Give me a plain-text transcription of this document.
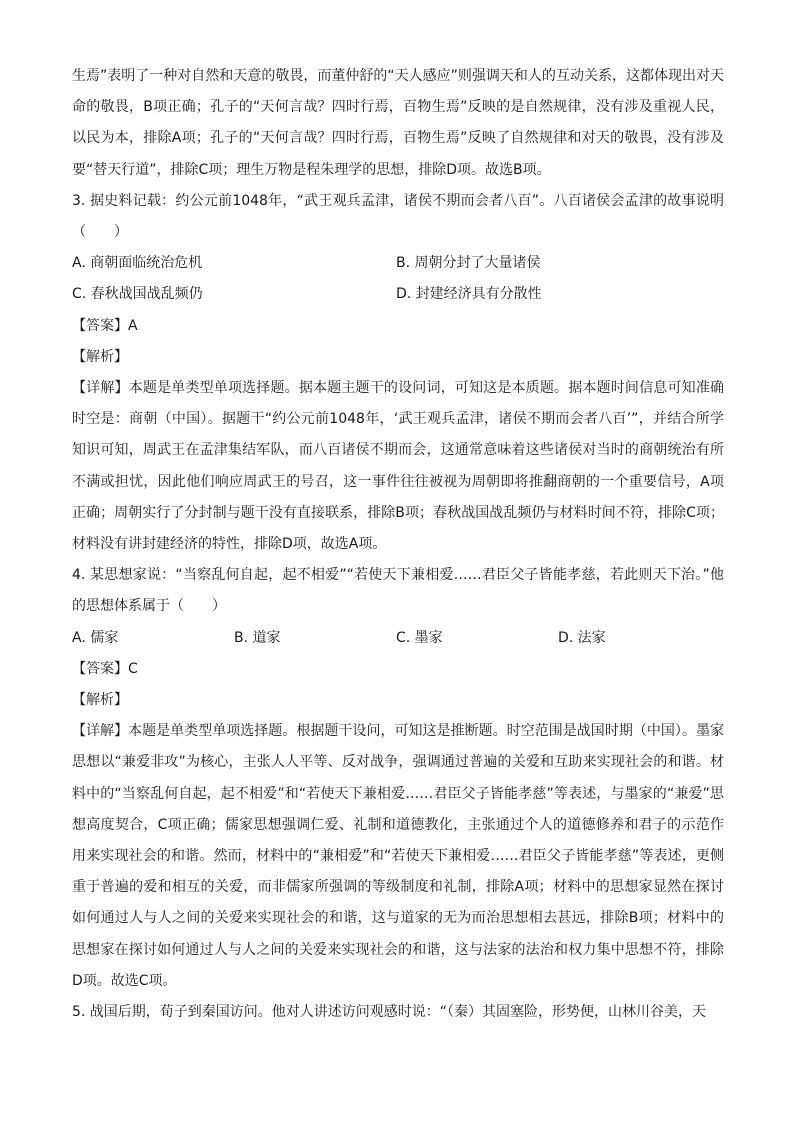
生焉”表明了一种对自然和天意的敬畏，而董仲舒的“天人感应”则强调天和人的互动关系，这都体现出对天命的敬畏，B项正确；孔子的“天何言哉？四时行焉，百物生焉”反映的是自然规律，没有涉及重视人民，以民为本，排除A项；孔子的“天何言哉？四时行焉，百物生焉”反映了自然规律和对天的敬畏，没有涉及要“替天行道”，排除C项；理生万物是程朱理学的思想，排除D项。故选B项。

3. 据史料记载：约公元前1048年，“武王观兵孟津，诸侯不期而会者八百”。八百诸侯会孟津的故事说明（　　）

A. 商朝面临统治危机	B. 周朝分封了大量诸侯
C. 春秋战国战乱频仍	D. 封建经济具有分散性

【答案】A

【解析】

【详解】本题是单类型单项选择题。据本题主题干的设问词，可知这是本质题。据本题时间信息可知准确时空是：商朝（中国）。据题干“约公元前1048年，‘武王观兵孟津，诸侯不期而会者八百’”，并结合所学知识可知，周武王在孟津集结军队，而八百诸侯不期而会，这通常意味着这些诸侯对当时的商朝统治有所不满或担忧，因此他们响应周武王的号召，这一事件往往被视为周朝即将推翻商朝的一个重要信号，A项正确；周朝实行了分封制与题干没有直接联系，排除B项；春秋战国战乱频仍与材料时间不符，排除C项；材料没有讲封建经济的特性，排除D项，故选A项。

4. 某思想家说：“当察乱何自起，起不相爱”“若使天下兼相爱……君臣父子皆能孝慈，若此则天下治。”他的思想体系属于（　　）

A. 儒家	B. 道家	C. 墨家	D. 法家

【答案】C

【解析】

【详解】本题是单类型单项选择题。根据题干设问，可知这是推断题。时空范围是战国时期（中国）。墨家思想以“兼爱非攻”为核心，主张人人平等、反对战争，强调通过普遍的关爱和互助来实现社会的和谐。材料中的“当察乱何自起，起不相爱”和“若使天下兼相爱……君臣父子皆能孝慈”等表述，与墨家的“兼爱”思想高度契合，C项正确；儒家思想强调仁爱、礼制和道德教化，主张通过个人的道德修养和君子的示范作用来实现社会的和谐。然而，材料中的“兼相爱”和“若使天下兼相爱……君臣父子皆能孝慈”等表述，更侧重于普遍的爱和相互的关爱，而非儒家所强调的等级制度和礼制，排除A项；材料中的思想家显然在探讨如何通过人与人之间的关爱来实现社会的和谐，这与道家的无为而治思想相去甚远，排除B项；材料中的思想家在探讨如何通过人与人之间的关爱来实现社会的和谐，这与法家的法治和权力集中思想不符，排除D项。故选C项。

5. 战国后期，荀子到秦国访问。他对人讲述访问观感时说：“（秦）其固塞险，形势便，山林川谷美，天
